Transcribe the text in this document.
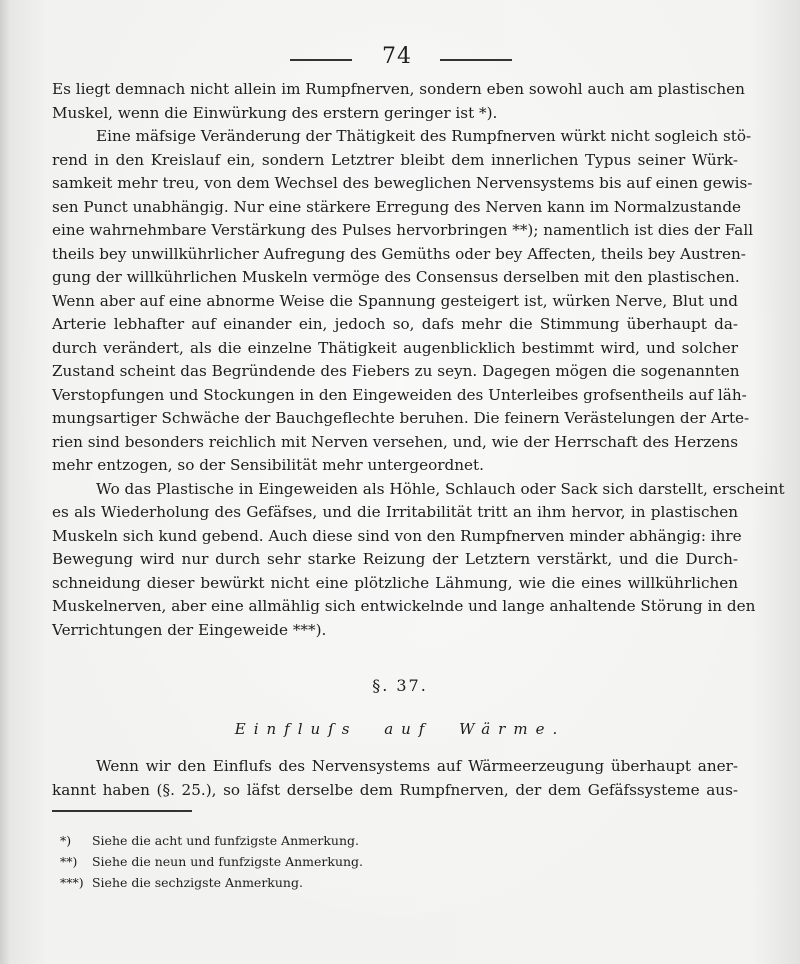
74
Es liegt demnach nicht allein im Rumpfnerven, sondern eben sowohl auch am plastischen
Muskel, wenn die Einwürkung des erstern geringer ist *).
Eine mäfsige Veränderung der Thätigkeit des Rumpfnerven würkt nicht sogleich stö-
rend in den Kreislauf ein, sondern Letztrer bleibt dem innerlichen Typus seiner Würk-
samkeit mehr treu, von dem Wechsel des beweglichen Nervensystems bis auf einen gewis-
sen Punct unabhängig. Nur eine stärkere Erregung des Nerven kann im Normalzustande
eine wahrnehmbare Verstärkung des Pulses hervorbringen **); namentlich ist dies der Fall
theils bey unwillkührlicher Aufregung des Gemüths oder bey Affecten, theils bey Austren-
gung der willkührlichen Muskeln vermöge des Consensus derselben mit den plastischen.
Wenn aber auf eine abnorme Weise die Spannung gesteigert ist, würken Nerve, Blut und
Arterie lebhafter auf einander ein, jedoch so, dafs mehr die Stimmung überhaupt da-
durch verändert, als die einzelne Thätigkeit augenblicklich bestimmt wird, und solcher
Zustand scheint das Begründende des Fiebers zu seyn. Dagegen mögen die sogenannten
Verstopfungen und Stockungen in den Eingeweiden des Unterleibes grofsentheils auf läh-
mungsartiger Schwäche der Bauchgeflechte beruhen. Die feinern Verästelungen der Arte-
rien sind besonders reichlich mit Nerven versehen, und, wie der Herrschaft des Herzens
mehr entzogen, so der Sensibilität mehr untergeordnet.
Wo das Plastische in Eingeweiden als Höhle, Schlauch oder Sack sich darstellt, erscheint
es als Wiederholung des Gefäfses, und die Irritabilität tritt an ihm hervor, in plastischen
Muskeln sich kund gebend. Auch diese sind von den Rumpfnerven minder abhängig: ihre
Bewegung wird nur durch sehr starke Reizung der Letztern verstärkt, und die Durch-
schneidung dieser bewürkt nicht eine plötzliche Lähmung, wie die eines willkührlichen
Muskelnerven, aber eine allmählig sich entwickelnde und lange anhaltende Störung in den
Verrichtungen der Eingeweide ***).
§. 37.
Einfluſs auf Wärme.
Wenn wir den Einflufs des Nervensystems auf Wärmeerzeugung überhaupt aner-
kannt haben (§. 25.), so läfst derselbe dem Rumpfnerven, der dem Gefäfssysteme aus-
*) Siehe die acht und funfzigste Anmerkung.
**) Siehe die neun und funfzigste Anmerkung.
***) Siehe die sechzigste Anmerkung.
